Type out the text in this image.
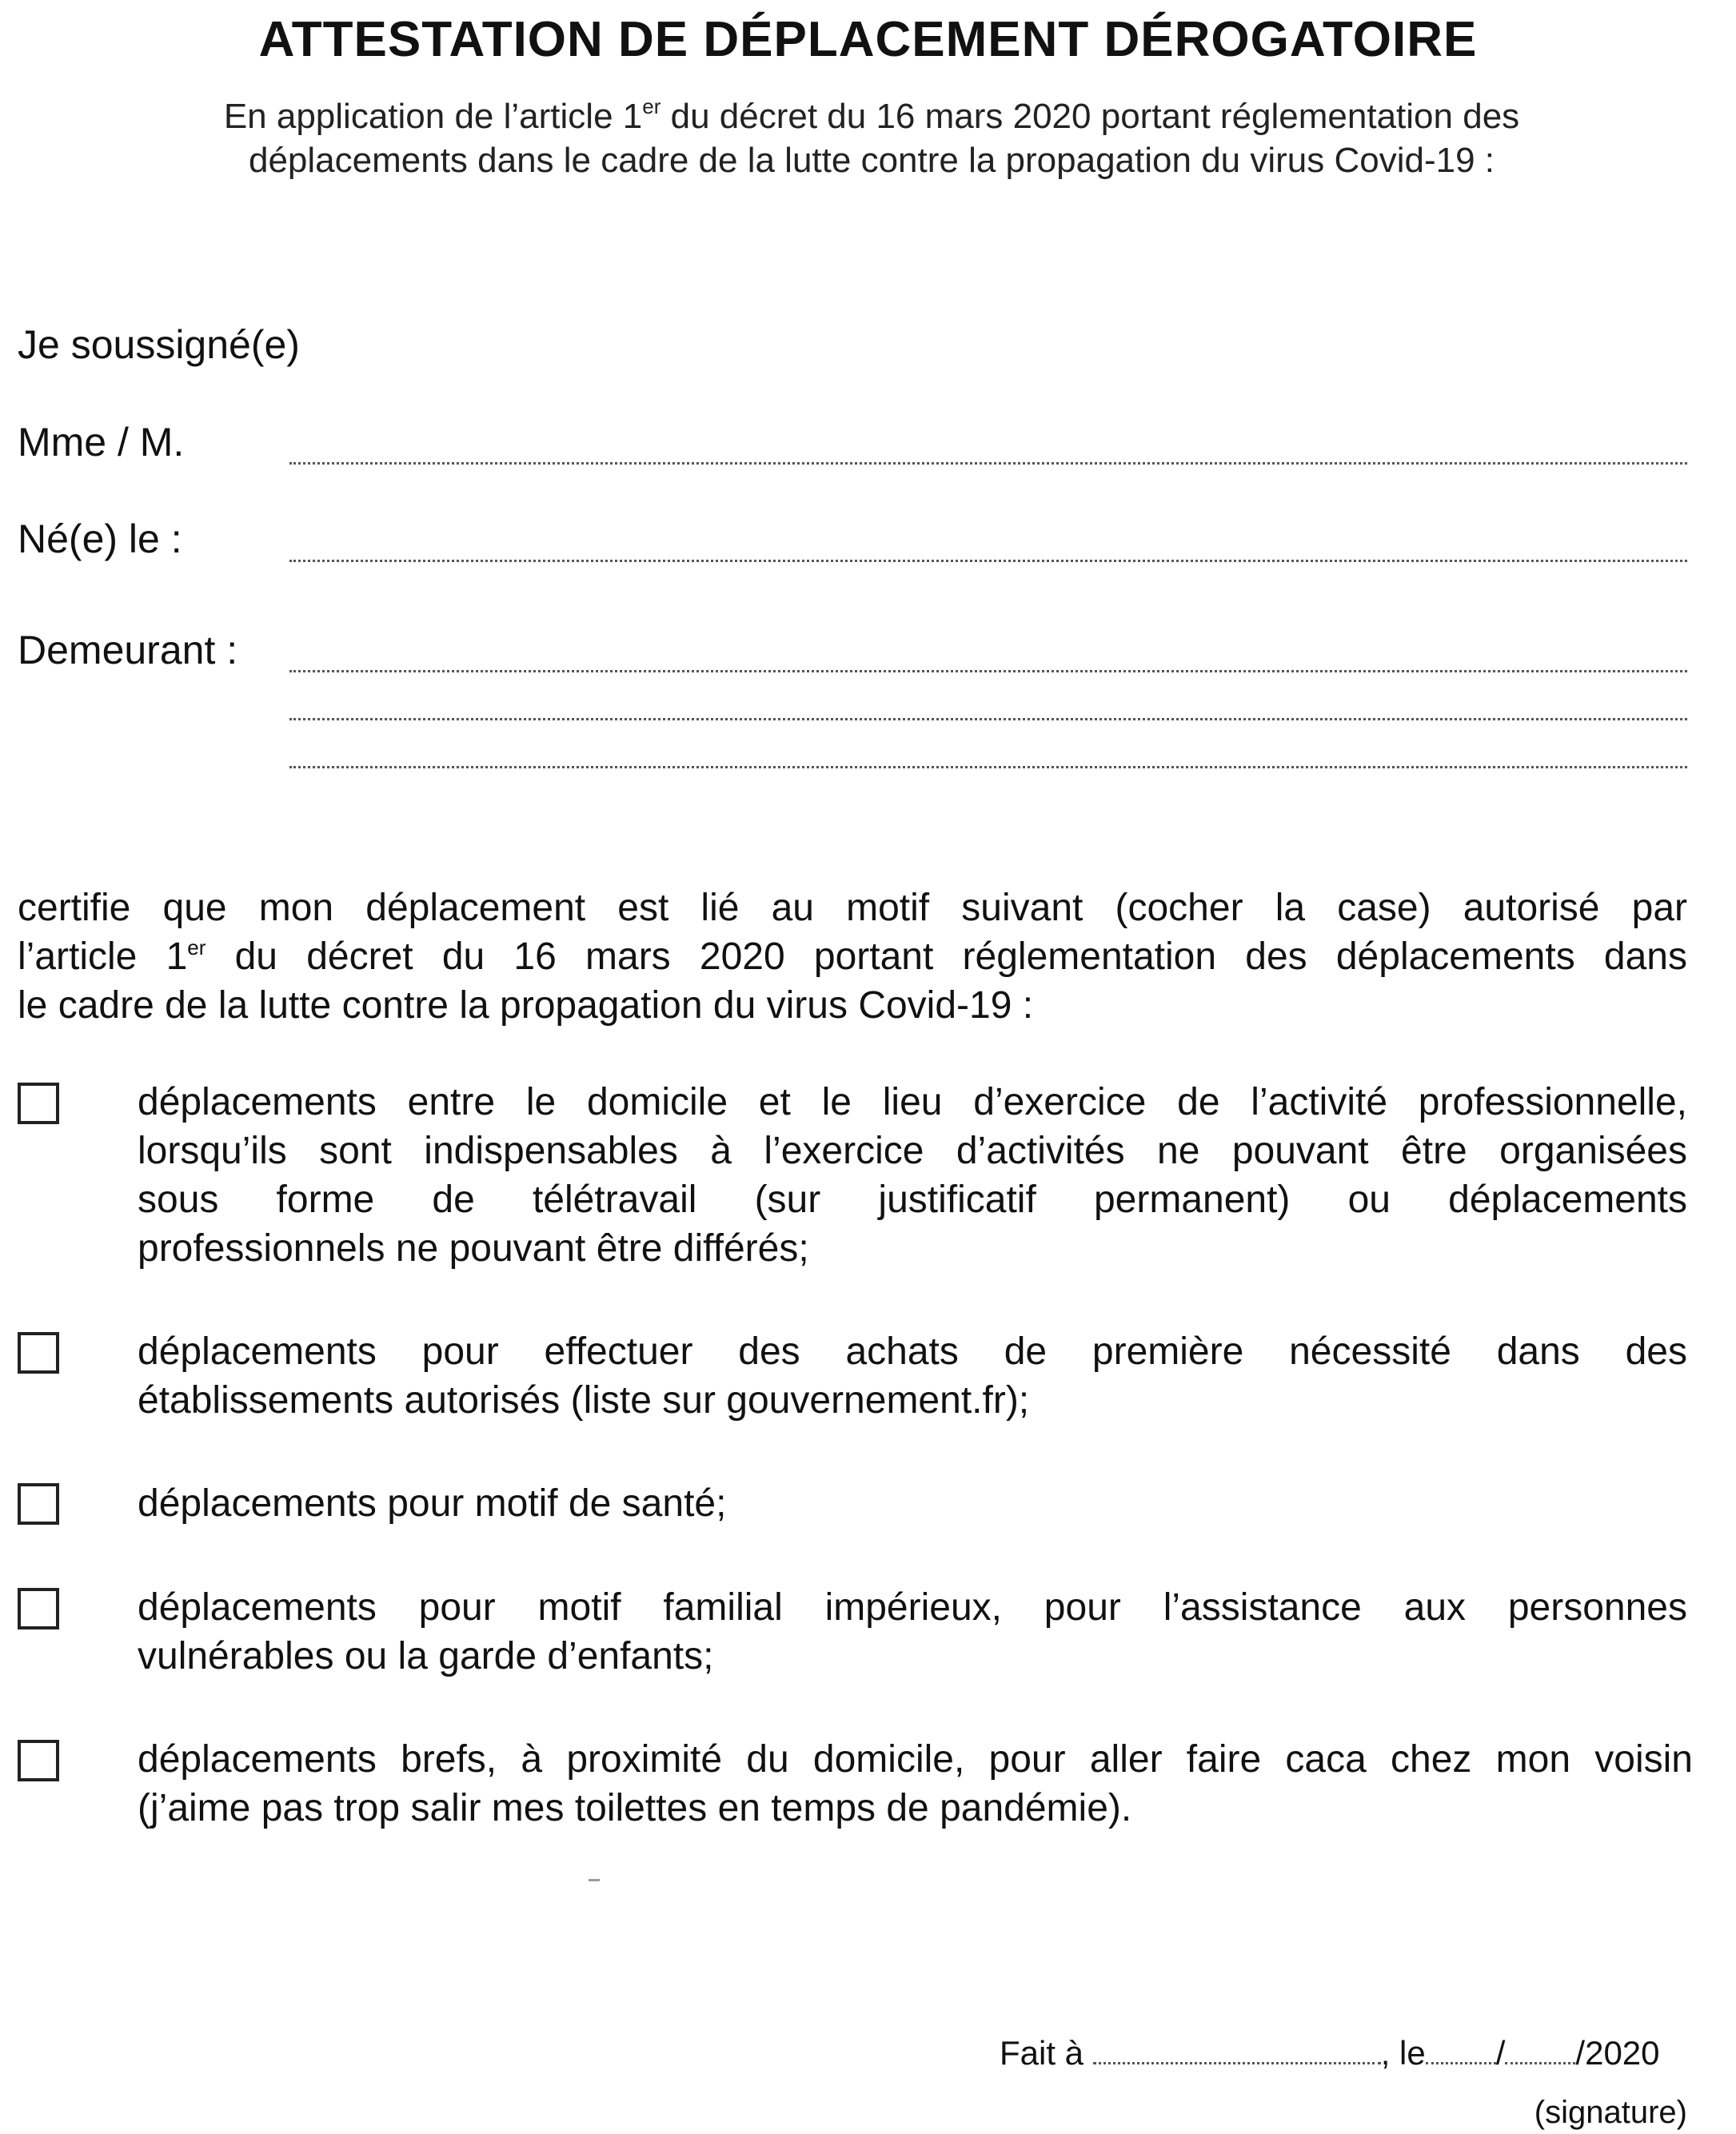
ATTESTATION DE DÉPLACEMENT DÉROGATOIRE
En application de l’article 1er du décret du 16 mars 2020 portant réglementation des
déplacements dans le cadre de la lutte contre la propagation du virus Covid-19 :
Je soussigné(e)
Mme / M.
Né(e) le :
Demeurant :
certifie que mon déplacement est lié au motif suivant (cocher la case) autorisé par
l’article 1er du décret du 16 mars 2020 portant réglementation des déplacements dans
le cadre de la lutte contre la propagation du virus Covid-19 :
déplacements entre le domicile et le lieu d’exercice de l’activité professionnelle,
lorsqu’ils sont indispensables à l’exercice d’activités ne pouvant être organisées
sous forme de télétravail (sur justificatif permanent) ou déplacements
professionnels ne pouvant être différés;
déplacements pour effectuer des achats de première nécessité dans des
établissements autorisés (liste sur gouvernement.fr);
déplacements pour motif de santé;
déplacements pour motif familial impérieux, pour l’assistance aux personnes
vulnérables ou la garde d’enfants;
déplacements brefs, à proximité du domicile, pour aller faire caca chez mon voisin
(j’aime pas trop salir mes toilettes en temps de pandémie).
Fait à	, le / /2020
(signature)
